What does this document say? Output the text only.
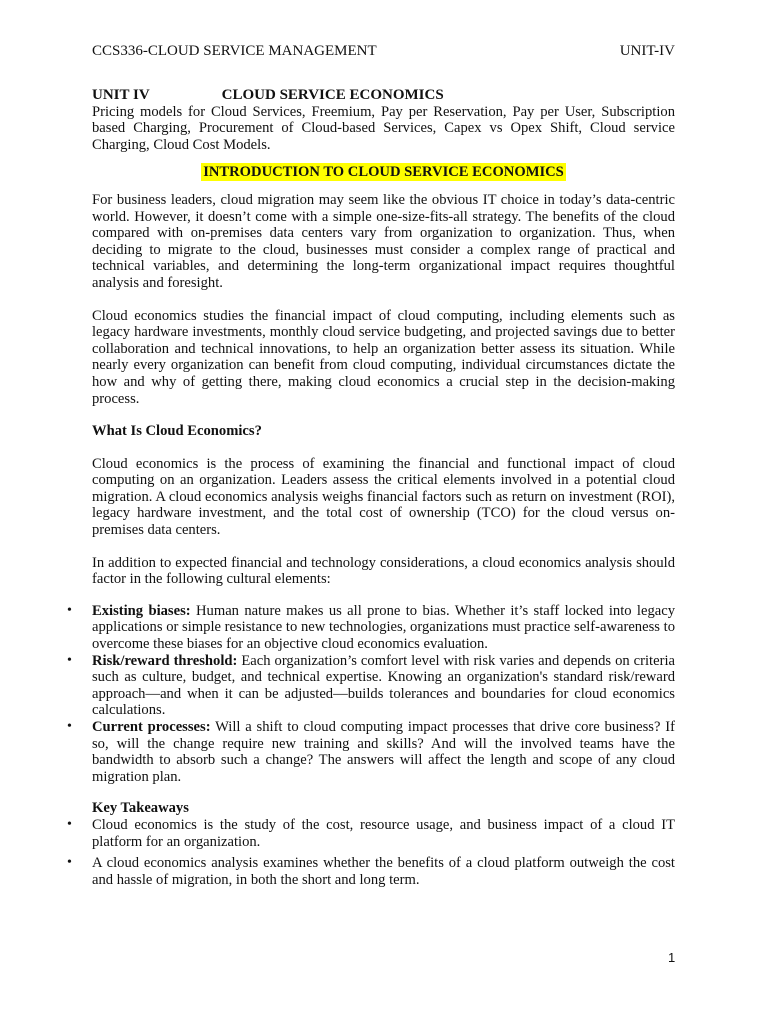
CCS336-CLOUD SERVICE MANAGEMENT	UNIT-IV
UNIT IV	CLOUD SERVICE ECONOMICS

Pricing models for Cloud Services, Freemium, Pay per Reservation, Pay per User, Subscription based Charging, Procurement of Cloud-based Services, Capex vs Opex Shift, Cloud service Charging, Cloud Cost Models.

INTRODUCTION TO CLOUD SERVICE ECONOMICS

For business leaders, cloud migration may seem like the obvious IT choice in today’s data-centric world. However, it doesn’t come with a simple one-size-fits-all strategy. The benefits of the cloud compared with on-premises data centers vary from organization to organization. Thus, when deciding to migrate to the cloud, businesses must consider a complex range of practical and technical variables, and determining the long-term organizational impact requires thoughtful analysis and foresight.

Cloud economics studies the financial impact of cloud computing, including elements such as legacy hardware investments, monthly cloud service budgeting, and projected savings due to better collaboration and technical innovations, to help an organization better assess its situation. While nearly every organization can benefit from cloud computing, individual circumstances dictate the how and why of getting there, making cloud economics a crucial step in the decision-making process.

What Is Cloud Economics?

Cloud economics is the process of examining the financial and functional impact of cloud computing on an organization. Leaders assess the critical elements involved in a potential cloud migration. A cloud economics analysis weighs financial factors such as return on investment (ROI), legacy hardware investment, and the total cost of ownership (TCO) for the cloud versus on-premises data centers.

In addition to expected financial and technology considerations, a cloud economics analysis should factor in the following cultural elements:

• Existing biases: Human nature makes us all prone to bias. Whether it’s staff locked into legacy applications or simple resistance to new technologies, organizations must practice self-awareness to overcome these biases for an objective cloud economics evaluation.
• Risk/reward threshold: Each organization’s comfort level with risk varies and depends on criteria such as culture, budget, and technical expertise. Knowing an organization's standard risk/reward approach—and when it can be adjusted—builds tolerances and boundaries for cloud economics calculations.
• Current processes: Will a shift to cloud computing impact processes that drive core business? If so, will the change require new training and skills? And will the involved teams have the bandwidth to absorb such a change? The answers will affect the length and scope of any cloud migration plan.

Key Takeaways

• Cloud economics is the study of the cost, resource usage, and business impact of a cloud IT platform for an organization.
• A cloud economics analysis examines whether the benefits of a cloud platform outweigh the cost and hassle of migration, in both the short and long term.
1
